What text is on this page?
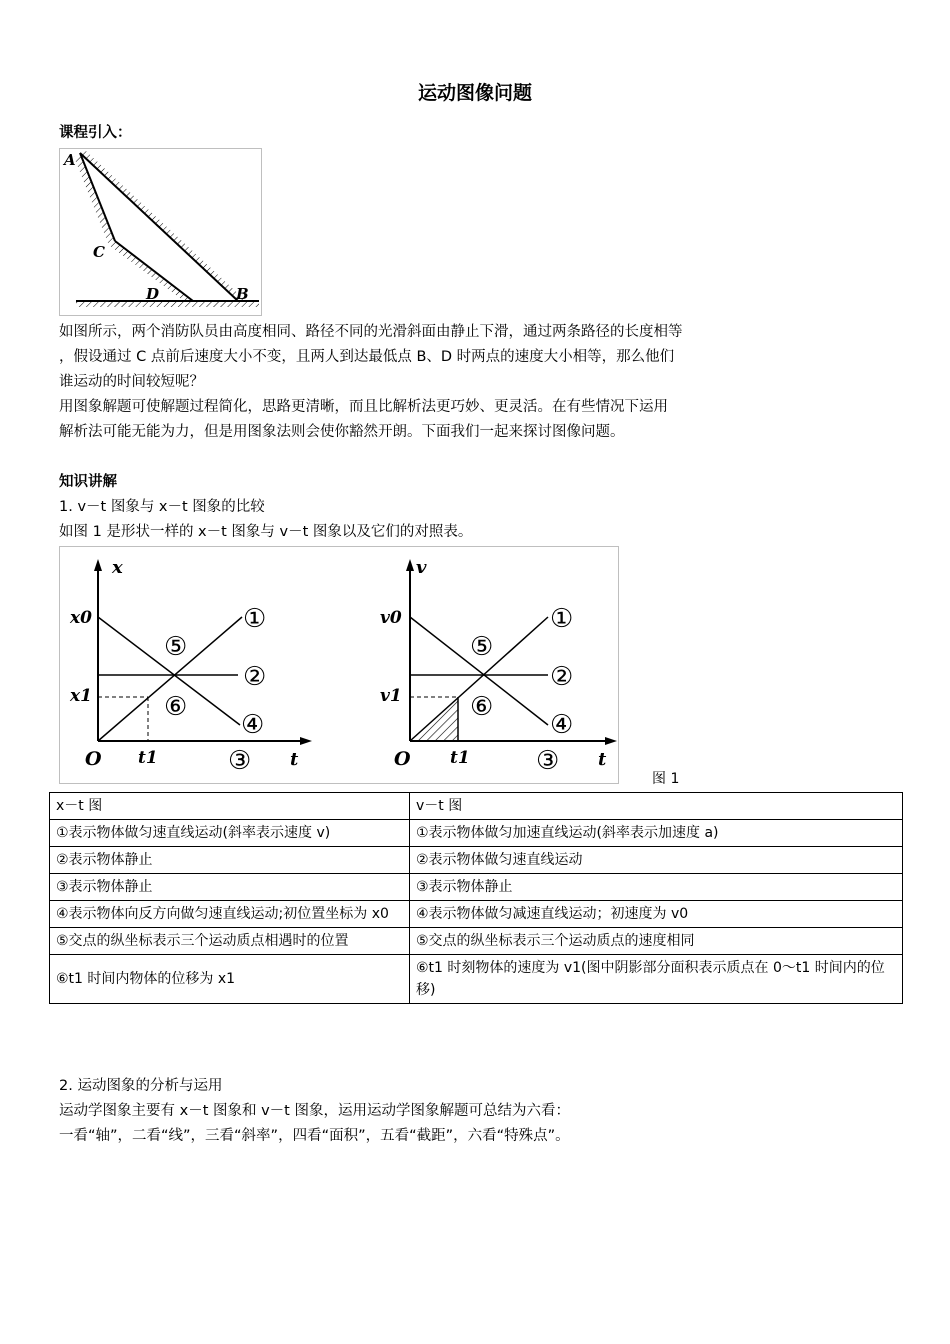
运动图像问题
课程引入：
A
C
D	B
如图所示，两个消防队员由高度相同、路径不同的光滑斜面由静止下滑，通过两条路径的长度相等
，假设通过 C 点前后速度大小不变，且两人到达最低点 B、D 时两点的速度大小相等，那么他们
谁运动的时间较短呢？
用图象解题可使解题过程简化，思路更清晰，而且比解析法更巧妙、更灵活。在有些情况下运用
解析法可能无能为力，但是用图象法则会使你豁然开朗。下面我们一起来探讨图像问题。
知识讲解
1. v－t 图象与 x－t 图象的比较
如图 1 是形状一样的 x－t 图象与 v－t 图象以及它们的对照表。
x
t
O
x0
x1
t1
①
②
③
④
⑤
⑥
v
t
O
v0
v1
t1
①
②
③
④
⑤
⑥
图 1
x－t 图	v－t 图
①表示物体做匀速直线运动(斜率表示速度 v)	①表示物体做匀加速直线运动(斜率表示加速度 a)
②表示物体静止	②表示物体做匀速直线运动
③表示物体静止	③表示物体静止
④表示物体向反方向做匀速直线运动;初位置坐标为 x0	④表示物体做匀减速直线运动；初速度为 v0
⑤交点的纵坐标表示三个运动质点相遇时的位置	⑤交点的纵坐标表示三个运动质点的速度相同
⑥t1 时间内物体的位移为 x1	⑥t1 时刻物体的速度为 v1(图中阴影部分面积表示质点在 0～t1 时间内的位移)
2. 运动图象的分析与运用
运动学图象主要有 x－t 图象和 v－t 图象，运用运动学图象解题可总结为六看：
一看“轴”，二看“线”，三看“斜率”，四看“面积”，五看“截距”，六看“特殊点”。
